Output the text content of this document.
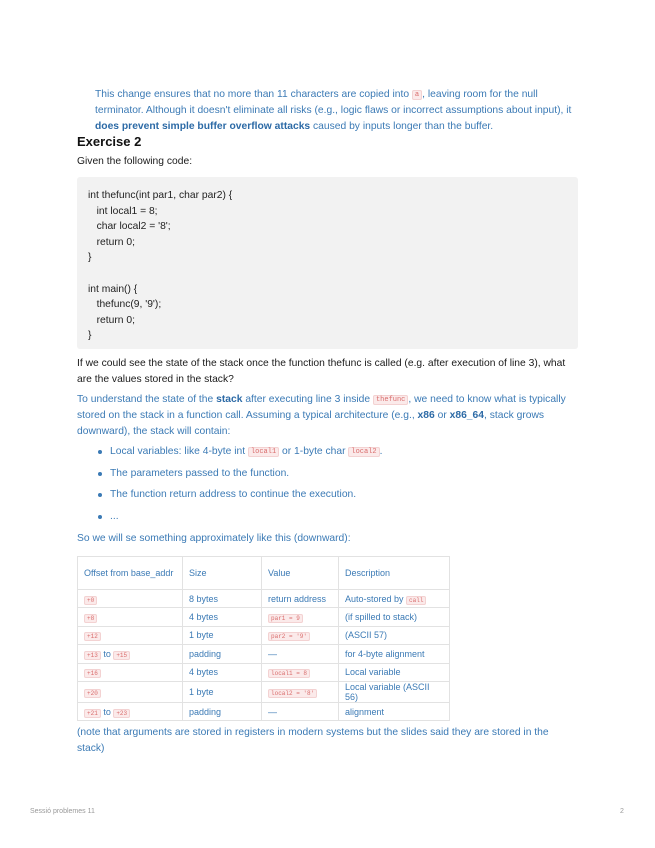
This change ensures that no more than 11 characters are copied into a , leaving room for the null terminator. Although it doesn't eliminate all risks (e.g., logic flaws or incorrect assumptions about input), it does prevent simple buffer overflow attacks caused by inputs longer than the buffer.

Exercise 2
Given the following code:
int thefunc(int par1, char par2) {
int local1 = 8;
char local2 = '8';
return 0;
}

int main() {
thefunc(9, '9');
return 0;
}

If we could see the state of the stack once the function thefunc is called (e.g. after execution of line 3), what are the values stored in the stack?

To understand the state of the stack after executing line 3 inside thefunc , we need to know what is typically stored on the stack in a function call. Assuming a typical architecture (e.g., x86 or x86_64, stack grows downward), the stack will contain:

Local variables: like 4-byte int local1 or 1-byte char local2 .
The parameters passed to the function.
The function return address to continue the execution.
...
So we will se something approximately like this (downward):
Offset from base_addr	Size	Value	Description
+0	8 bytes	return address	Auto-stored by call
+8	4 bytes	par1 = 9	(if spilled to stack)
+12	1 byte	par2 = '9'	(ASCII 57)
+13 to +15	padding	—	for 4-byte alignment
+16	4 bytes	local1 = 8	Local variable
+20	1 byte	local2 = '8'	Local variable (ASCII 56)
+21 to +23	padding	—	alignment

(note that arguments are stored in registers in modern systems but the slides said they are stored in the stack)

Sessió problemes 11	2
